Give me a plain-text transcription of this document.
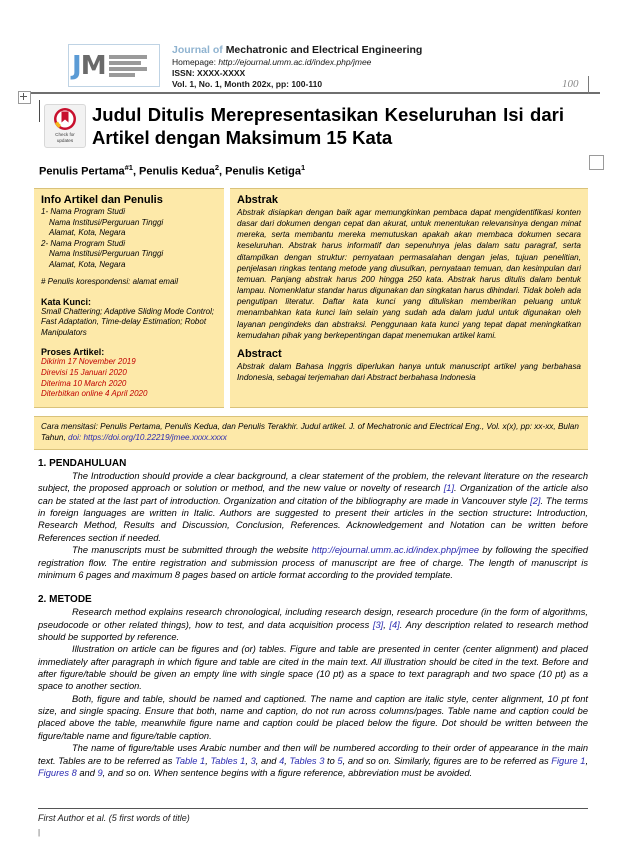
100
J M
Journal of Mechatronic and Electrical Engineering
Homepage: http://ejournal.umm.ac.id/index.php/jmee
ISSN: XXXX-XXXX
Vol. 1, No. 1, Month 202x, pp: 100-110
Check for
updates
Judul Ditulis Merepresentasikan Keseluruhan Isi dari Artikel dengan Maksimum 15 Kata
Penulis Pertama$^{\#1}$, Penulis Kedua$^2$, Penulis Ketiga$^1$
Info Artikel dan Penulis
1- Nama Program Studi
Nama Institusi/Perguruan Tinggi
Alamat, Kota, Negara
2- Nama Program Studi
Nama Institusi/Perguruan Tinggi
Alamat, Kota, Negara
# Penulis korespondensi: alamat email
Kata Kunci:
Small Chattering; Adaptive Sliding Mode Control; Fast Adaptation, Time-delay Estimation; Robot Manipulators
Proses Artikel:
Dikirim 17 November 2019
Direvisi 15 Januari 2020
Diterima 10 March 2020
Diterbitkan online 4 April 2020
Abstrak

Abstrak disiapkan dengan baik agar memungkinkan pembaca dapat mengidentifikasi konten dasar dari dokumen dengan cepat dan akurat, untuk menentukan relevansinya dengan minat mereka, serta membantu mereka memutuskan apakah akan membaca dokumen secara keseluruhan. Abstrak harus informatif dan sepenuhnya jelas dalam satu paragraf, serta ditampilkan dengan struktur: pernyataan permasalahan dengan jelas, tujuan penelitian, penjelasan ringkas tentang metode yang diusulkan, pernyataan temuan, dan kesimpulan dari temuan. Panjang abstrak harus 200 hingga 250 kata. Abstrak harus ditulis dalam bentuk lampau. Nomenklatur standar harus digunakan dan singkatan harus dihindari. Tidak boleh ada pengutipan literatur. Daftar kata kunci yang dituliskan memberikan peluang untuk menambahkan kata kunci lain selain yang sudah ada dalam judul untuk digunakan oleh layanan pengindeks dan abstraksi. Penggunaan kata kunci yang tepat dapat meningkatkan kemudahan pihak yang berkepentingan dapat menemukan artikel kami.

Abstract

Abstrak dalam Bahasa Inggris diperlukan hanya untuk manuscript artikel yang berbahasa Indonesia, sebagai terjemahan dari Abstract berbahasa Indonesia

Cara mensitasi: Penulis Pertama, Penulis Kedua, dan Penulis Terakhir. Judul artikel. J. of Mechatronic and Electrical Eng., Vol. x(x), pp: xx-xx, Bulan Tahun, doi: https://doi.org/10.22219/jmee.xxxx.xxxx
1. PENDAHULUAN

The Introduction should provide a clear background, a clear statement of the problem, the relevant literature on the research subject, the proposed approach or solution or method, and the new value or novelty of research [1]. Organization of the article also can be stated at the last part of introduction. Organization and citation of the bibliography are made in Vancouver style [2]. The terms in foreign languages are written in Italic. Authors are suggested to present their articles in the section structure: Introduction, Research Method, Results and Discussion, Conclusion, References. Acknowledgement and Notation can be written before References section if needed.

The manuscripts must be submitted through the website http://ejournal.umm.ac.id/index.php/jmee by following the specified registration flow. The entire registration and submission process of manuscript are free of charge. The length of manuscript is minimum 6 pages and maximum 8 pages based on article format according to the provided template.

2. METODE

Research method explains research chronological, including research design, research procedure (in the form of algorithms, pseudocode or other related things), how to test, and data acquisition process [3], [4]. Any description related to research method should be supported by reference.

Illustration on article can be figures and (or) tables. Figure and table are presented in center (center alignment) and placed immediately after paragraph in which figure and table are cited in the main text. All illustration should be cited in the text. Before and after figure/table should be given an empty line with single space (10 pt) as a space to text paragraph and two space (10 pt) as a space to another section.

Both, figure and table, should be named and captioned. The name and caption are italic style, center alignment, 10 pt font size, and single spacing. Ensure that both, name and caption, do not run across columns/pages. Table name and caption could be placed above the table, meanwhile figure name and caption could be placed below the figure. Dot should be written between the figure/table name and figure/table caption.

The name of figure/table uses Arabic number and then will be numbered according to their order of appearance in the main text. Tables are to be referred as Table 1, Tables 1, 3, and 4, Tables 3 to 5, and so on. Similarly, figures are to be referred as Figure 1, Figures 8 and 9, and so on. When sentence begins with a figure reference, abbreviation must be avoided.

First Author et al. (5 first words of title)
|
